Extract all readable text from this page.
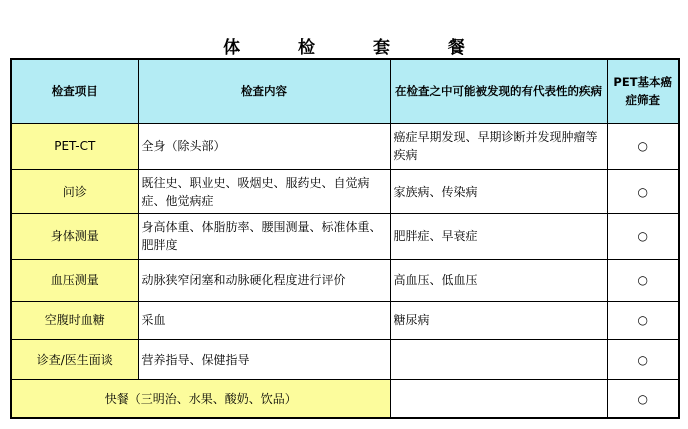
体	检	套	餐
检查项目	检查内容	在检查之中可能被发现的有代表性的疾病	PET基本癌症筛查
PET-CT	全身（除头部）	癌症早期发现、早期诊断并发现肿瘤等疾病	○
问诊	既往史、职业史、吸烟史、服药史、自觉病症、他觉病症	家族病、传染病	○
身体测量	身高体重、体脂肪率、腰围测量、标准体重、肥胖度	肥胖症、早衰症	○
血压测量	动脉狭窄闭塞和动脉硬化程度进行评价	高血压、低血压	○
空腹时血糖	采血	糖尿病	○
诊查/医生面谈	营养指导、保健指导		○
快餐（三明治、水果、酸奶、饮品）			○
